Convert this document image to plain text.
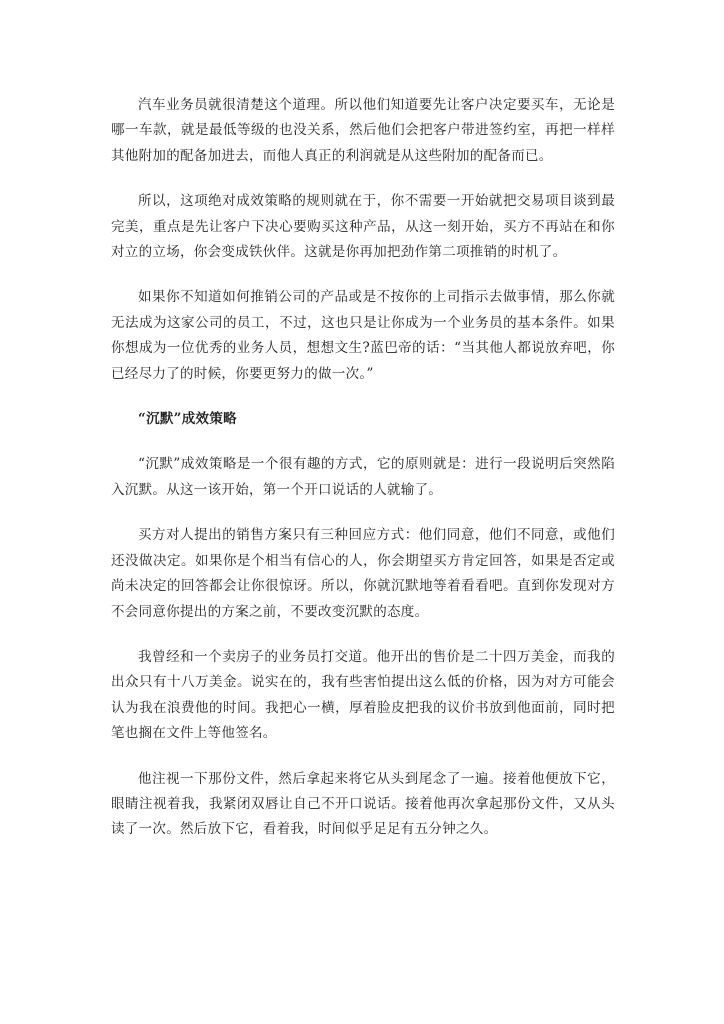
汽车业务员就很清楚这个道理。所以他们知道要先让客户决定要买车，无论是哪一车款，就是最低等级的也没关系，然后他们会把客户带进签约室，再把一样样其他附加的配备加进去，而他人真正的利润就是从这些附加的配备而已。

所以，这项绝对成效策略的规则就在于，你不需要一开始就把交易项目谈到最完美，重点是先让客户下决心要购买这种产品，从这一刻开始，买方不再站在和你对立的立场，你会变成铁伙伴。这就是你再加把劲作第二项推销的时机了。

如果你不知道如何推销公司的产品或是不按你的上司指示去做事情，那么你就无法成为这家公司的员工，不过，这也只是让你成为一个业务员的基本条件。如果你想成为一位优秀的业务人员，想想文生?蓝巴帝的话：“当其他人都说放弃吧，你已经尽力了的时候，你要更努力的做一次。”

“沉默”成效策略

“沉默”成效策略是一个很有趣的方式，它的原则就是：进行一段说明后突然陷入沉默。从这一该开始，第一个开口说话的人就输了。

买方对人提出的销售方案只有三种回应方式：他们同意，他们不同意，或他们还没做决定。如果你是个相当有信心的人，你会期望买方肯定回答，如果是否定或尚未决定的回答都会让你很惊讶。所以，你就沉默地等着看看吧。直到你发现对方不会同意你提出的方案之前，不要改变沉默的态度。

我曾经和一个卖房子的业务员打交道。他开出的售价是二十四万美金，而我的出众只有十八万美金。说实在的，我有些害怕提出这么低的价格，因为对方可能会认为我在浪费他的时间。我把心一横，厚着脸皮把我的议价书放到他面前，同时把笔也搁在文件上等他签名。

他注视一下那份文件，然后拿起来将它从头到尾念了一遍。接着他便放下它，眼睛注视着我，我紧闭双唇让自己不开口说话。接着他再次拿起那份文件，又从头读了一次。然后放下它，看着我，时间似乎足足有五分钟之久。
